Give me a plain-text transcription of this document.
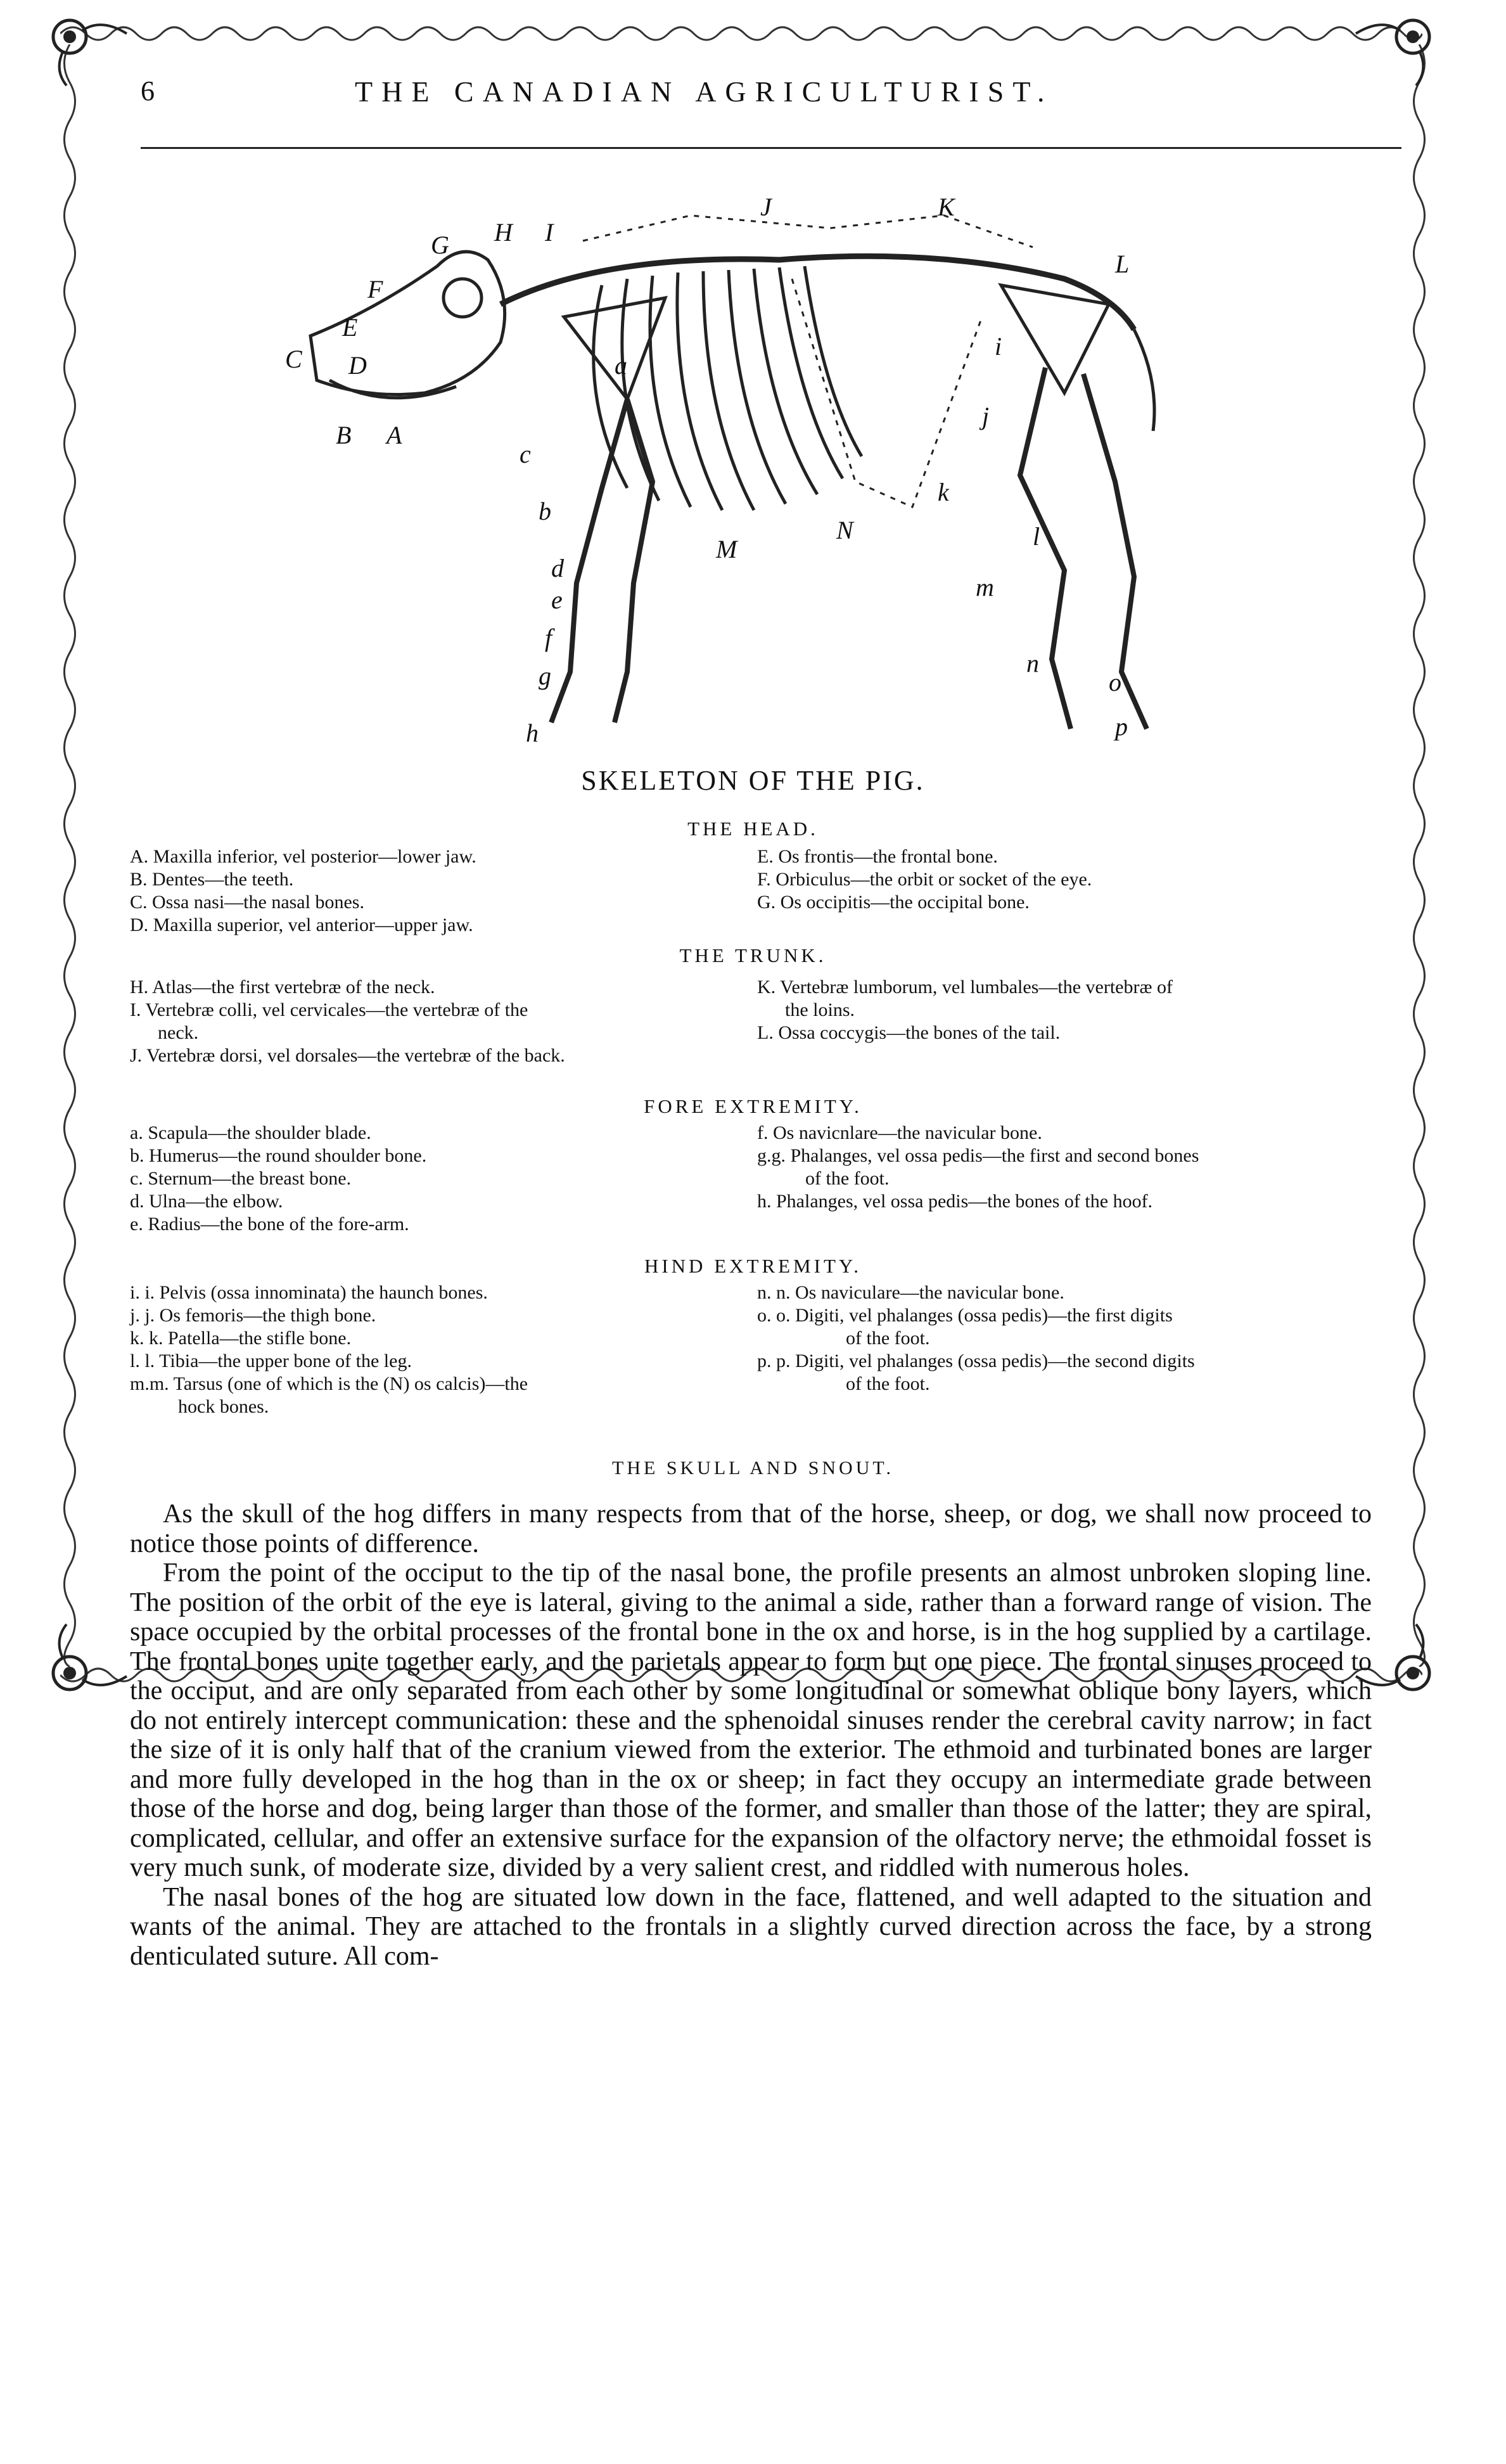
6	THE CANADIAN AGRICULTURIST.
A
B
C D
E
F
G H I
J	K
L
M
N
a
b
c
d
e
f
g
h
i
j
k
l
m
n
o
p
SKELETON OF THE PIG.
THE HEAD.
A. Maxilla inferior, vel posterior—lower jaw.
B. Dentes—the teeth.
C. Ossa nasi—the nasal bones.
D. Maxilla superior, vel anterior—upper jaw.
E. Os frontis—the frontal bone.
F. Orbiculus—the orbit or socket of the eye.
G. Os occipitis—the occipital bone.
THE TRUNK.
H. Atlas—the first vertebræ of the neck.
I. Vertebræ colli, vel cervicales—the vertebræ of the
neck.
J. Vertebræ dorsi, vel dorsales—the vertebræ of the back.
K. Vertebræ lumborum, vel lumbales—the vertebræ of
the loins.
L. Ossa coccygis—the bones of the tail.
FORE EXTREMITY.
a. Scapula—the shoulder blade.
b. Humerus—the round shoulder bone.
c. Sternum—the breast bone.
d. Ulna—the elbow.
e. Radius—the bone of the fore-arm.
f. Os navicnlare—the navicular bone.
g.g. Phalanges, vel ossa pedis—the first and second bones
of the foot.
h. Phalanges, vel ossa pedis—the bones of the hoof.
HIND EXTREMITY.
i. i. Pelvis (ossa innominata) the haunch bones.
j. j. Os femoris—the thigh bone.
k. k. Patella—the stifle bone.
l. l. Tibia—the upper bone of the leg.
m.m. Tarsus (one of which is the (N) os calcis)—the
hock bones.
n. n. Os naviculare—the navicular bone.
o. o. Digiti, vel phalanges (ossa pedis)—the first digits
of the foot.
p. p. Digiti, vel phalanges (ossa pedis)—the second digits
of the foot.
THE SKULL AND SNOUT.

As the skull of the hog differs in many respects from that of the horse, sheep, or dog, we shall now proceed to notice those points of difference.

From the point of the occiput to the tip of the nasal bone, the profile presents an almost unbroken sloping line. The position of the orbit of the eye is lateral, giving to the animal a side, rather than a forward range of vision. The space occupied by the orbital processes of the frontal bone in the ox and horse, is in the hog supplied by a cartilage. The frontal bones unite together early, and the parietals appear to form but one piece. The frontal sinuses proceed to the occiput, and are only separated from each other by some longitudinal or somewhat oblique bony layers, which do not entirely intercept communication: these and the sphenoidal sinuses render the cerebral cavity narrow; in fact the size of it is only half that of the cranium viewed from the exterior. The ethmoid and turbinated bones are larger and more fully developed in the hog than in the ox or sheep; in fact they occupy an intermediate grade between those of the horse and dog, being larger than those of the former, and smaller than those of the latter; they are spiral, complicated, cellular, and offer an extensive surface for the expansion of the olfactory nerve; the ethmoidal fosset is very much sunk, of moderate size, divided by a very salient crest, and riddled with numerous holes.

The nasal bones of the hog are situated low down in the face, flattened, and well adapted to the situation and wants of the animal. They are attached to the frontals in a slightly curved direction across the face, by a strong denticulated suture. All com-
